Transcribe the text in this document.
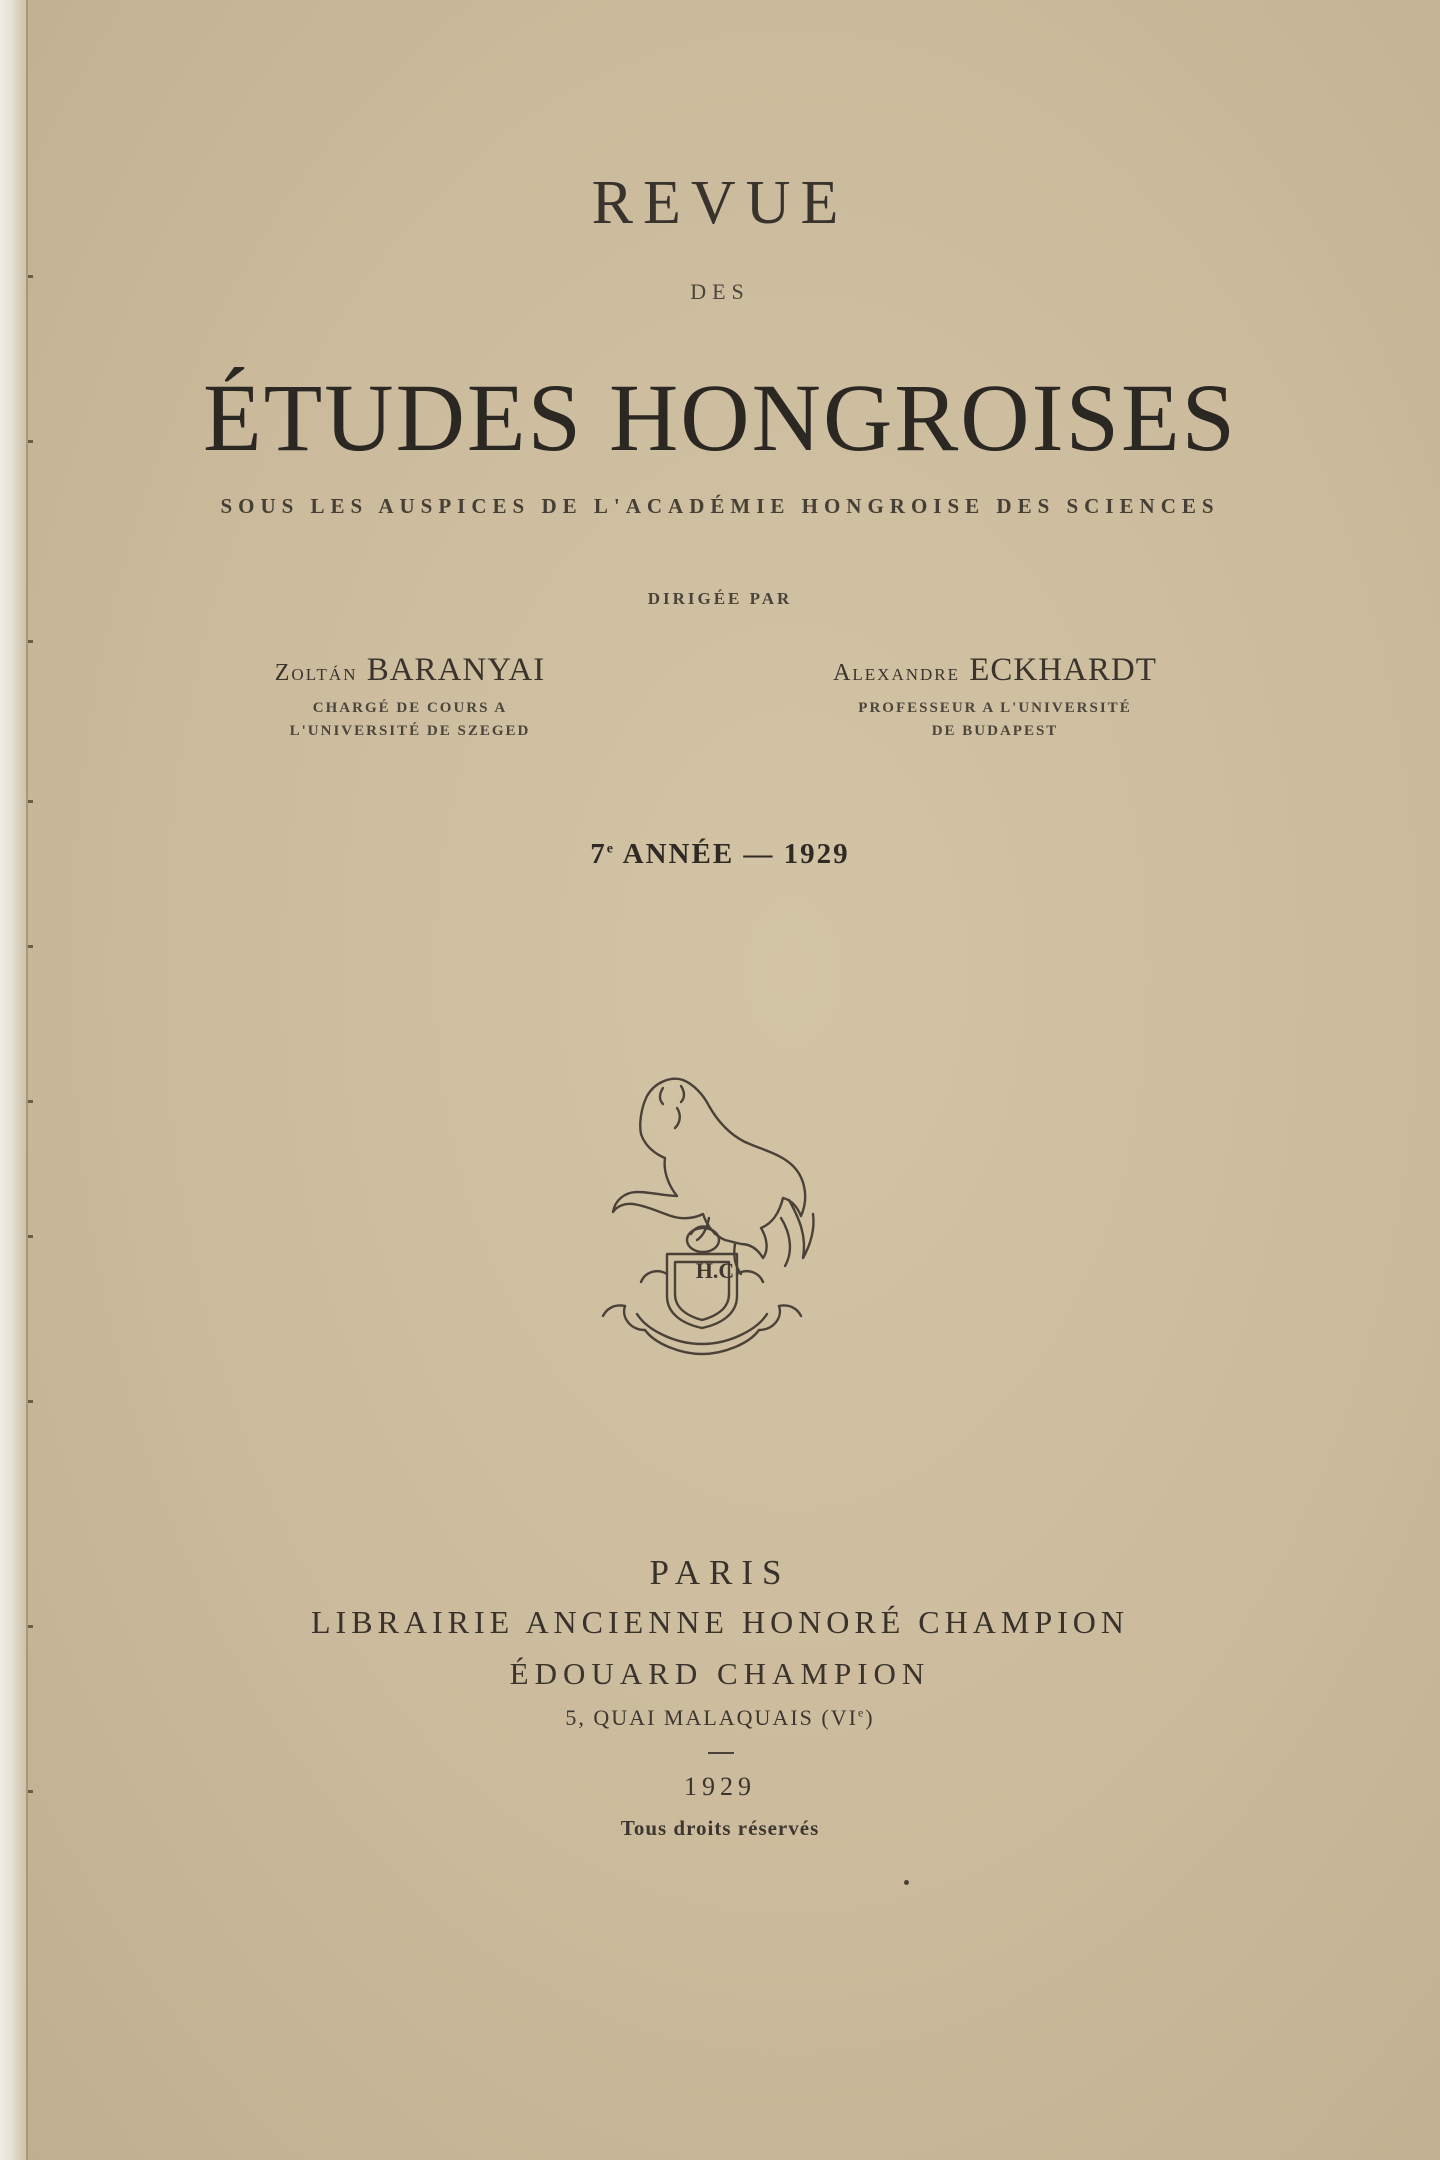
REVUE
DES
ÉTUDES HONGROISES
SOUS LES AUSPICES DE L'ACADÉMIE HONGROISE DES SCIENCES
DIRIGÉE PAR
Zoltán BARANYAI
CHARGÉ DE COURS A
L'UNIVERSITÉ DE SZEGED
Alexandre ECKHARDT
PROFESSEUR A L'UNIVERSITÉ
DE BUDAPEST
7e ANNÉE — 1929
H.C
PARIS
LIBRAIRIE ANCIENNE HONORÉ CHAMPION
ÉDOUARD CHAMPION
5, QUAI MALAQUAIS (VIe)
1929
Tous droits réservés
